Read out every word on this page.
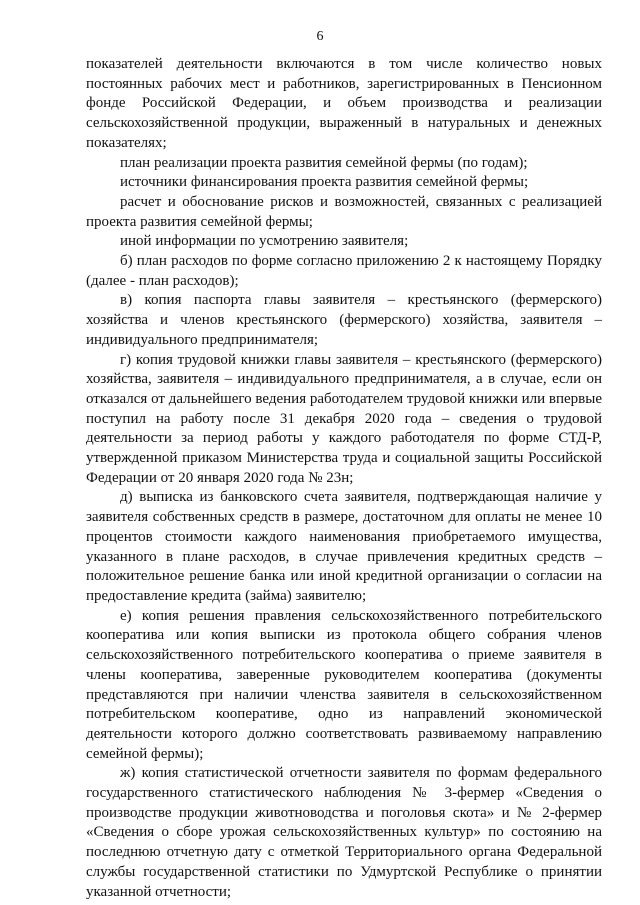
6

показателей деятельности включаются в том числе количество новых постоянных рабочих мест и работников, зарегистрированных в Пенсионном фонде Российской Федерации, и объем производства и реализации сельскохозяйственной продукции, выраженный в натуральных и денежных показателях;

план реализации проекта развития семейной фермы (по годам);

источники финансирования проекта развития семейной фермы;

расчет и обоснование рисков и возможностей, связанных с реализацией проекта развития семейной фермы;

иной информации по усмотрению заявителя;

б) план расходов по форме согласно приложению 2 к настоящему Порядку (далее - план расходов);

в) копия паспорта главы заявителя – крестьянского (фермерского) хозяйства и членов крестьянского (фермерского) хозяйства, заявителя – индивидуального предпринимателя;

г) копия трудовой книжки главы заявителя – крестьянского (фермерского) хозяйства, заявителя – индивидуального предпринимателя, а в случае, если он отказался от дальнейшего ведения работодателем трудовой книжки или впервые поступил на работу после 31 декабря 2020 года – сведения о трудовой деятельности за период работы у каждого работодателя по форме СТД-Р, утвержденной приказом Министерства труда и социальной защиты Российской Федерации от 20 января 2020 года № 23н;

д) выписка из банковского счета заявителя, подтверждающая наличие у заявителя собственных средств в размере, достаточном для оплаты не менее 10 процентов стоимости каждого наименования приобретаемого имущества, указанного в плане расходов, в случае привлечения кредитных средств – положительное решение банка или иной кредитной организации о согласии на предоставление кредита (займа) заявителю;

е) копия решения правления сельскохозяйственного потребительского кооператива или копия выписки из протокола общего собрания членов сельскохозяйственного потребительского кооператива о приеме заявителя в члены кооператива, заверенные руководителем кооператива (документы представляются при наличии членства заявителя в сельскохозяйственном потребительском кооперативе, одно из направлений экономической деятельности которого должно соответствовать развиваемому направлению семейной фермы);

ж) копия статистической отчетности заявителя по формам федерального государственного статистического наблюдения № 3-фермер «Сведения о производстве продукции животноводства и поголовья скота» и № 2-фермер «Сведения о сборе урожая сельскохозяйственных культур» по состоянию на последнюю отчетную дату с отметкой Территориального органа Федеральной службы государственной статистики по Удмуртской Республике о принятии указанной отчетности;
